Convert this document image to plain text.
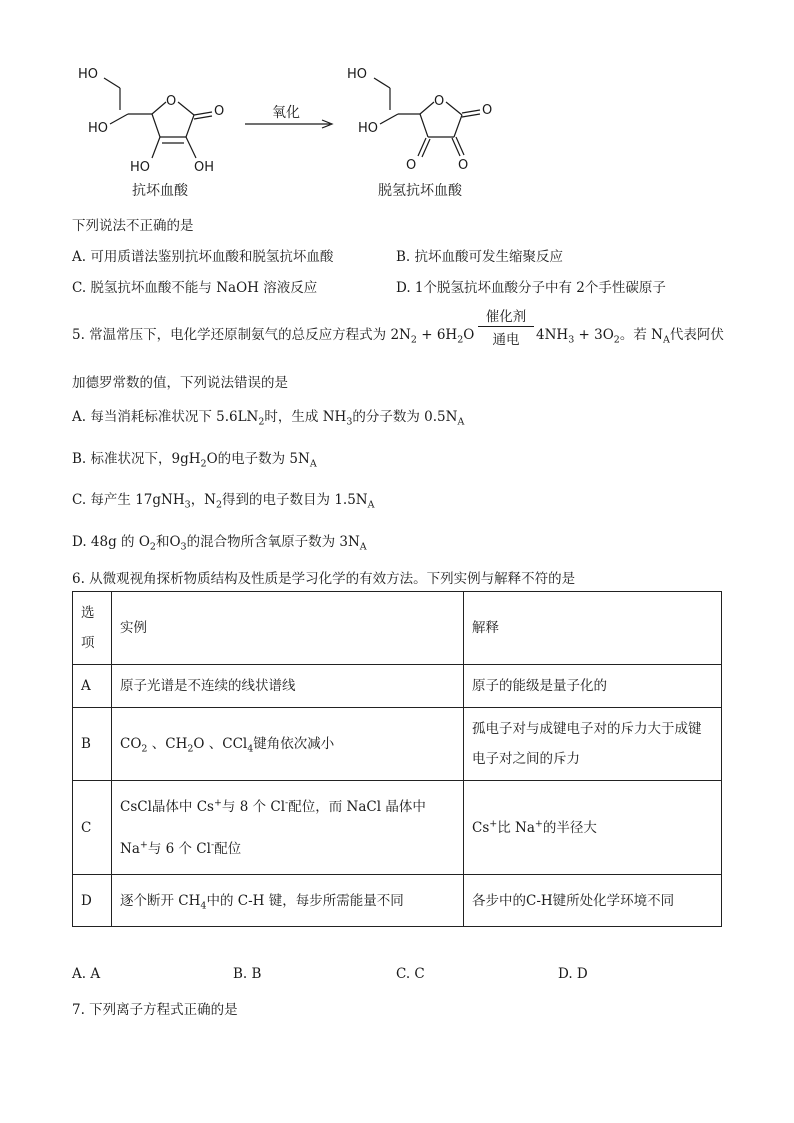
HO
HO
O
O
HO	OH
抗坏血酸
氧化
HO
HO
O
O
O	O
脱氢抗坏血酸
下列说法不正确的是
A. 可用质谱法鉴别抗坏血酸和脱氢抗坏血酸	B. 抗坏血酸可发生缩聚反应
C. 脱氢抗坏血酸不能与 NaOH 溶液反应	D. 1个脱氢抗坏血酸分子中有 2个手性碳原子
5. 常温常压下，电化学还原制氨气的总反应方程式为 $2N_2 + 6H_2O$
催化剂
通电	$4NH_3 + 3O_2$。若 $N_A$代表阿伏
加德罗常数的值，下列说法错误的是
A. 每当消耗标准状况下 $5.6LN_2$时，生成 $NH_3$的分子数为 $0.5N_A$
B. 标准状况下，$9gH_2O$的电子数为 $5N_A$
C. 每产生 17gNH$_3$，$N_2$得到的电子数目为 $1.5N_A$
D. 48g 的 $O_2$和$O_3$的混合物所含氧原子数为 $3N_A$
6. 从微观视角探析物质结构及性质是学习化学的有效方法。下列实例与解释不符的是
选
项	实例	解释
A	原子光谱是不连续的线状谱线	原子的能级是量子化的
B	$CO_2$ 、$CH_2O$ 、CCl$_4$键角依次减小	孤电子对与成键电子对的斥力大于成键
电子对之间的斥力
C	CsCl晶体中 Cs+与 8 个 Cl-配位，而 NaCl 晶体中
Na+与 6 个 Cl-配位	Cs+比 Na+的半径大
D	逐个断开 $CH_4$中的 C-H 键，每步所需能量不同	各步中的C-H键所处化学环境不同
A. A	B. B	C. C	D. D
7. 下列离子方程式正确的是
